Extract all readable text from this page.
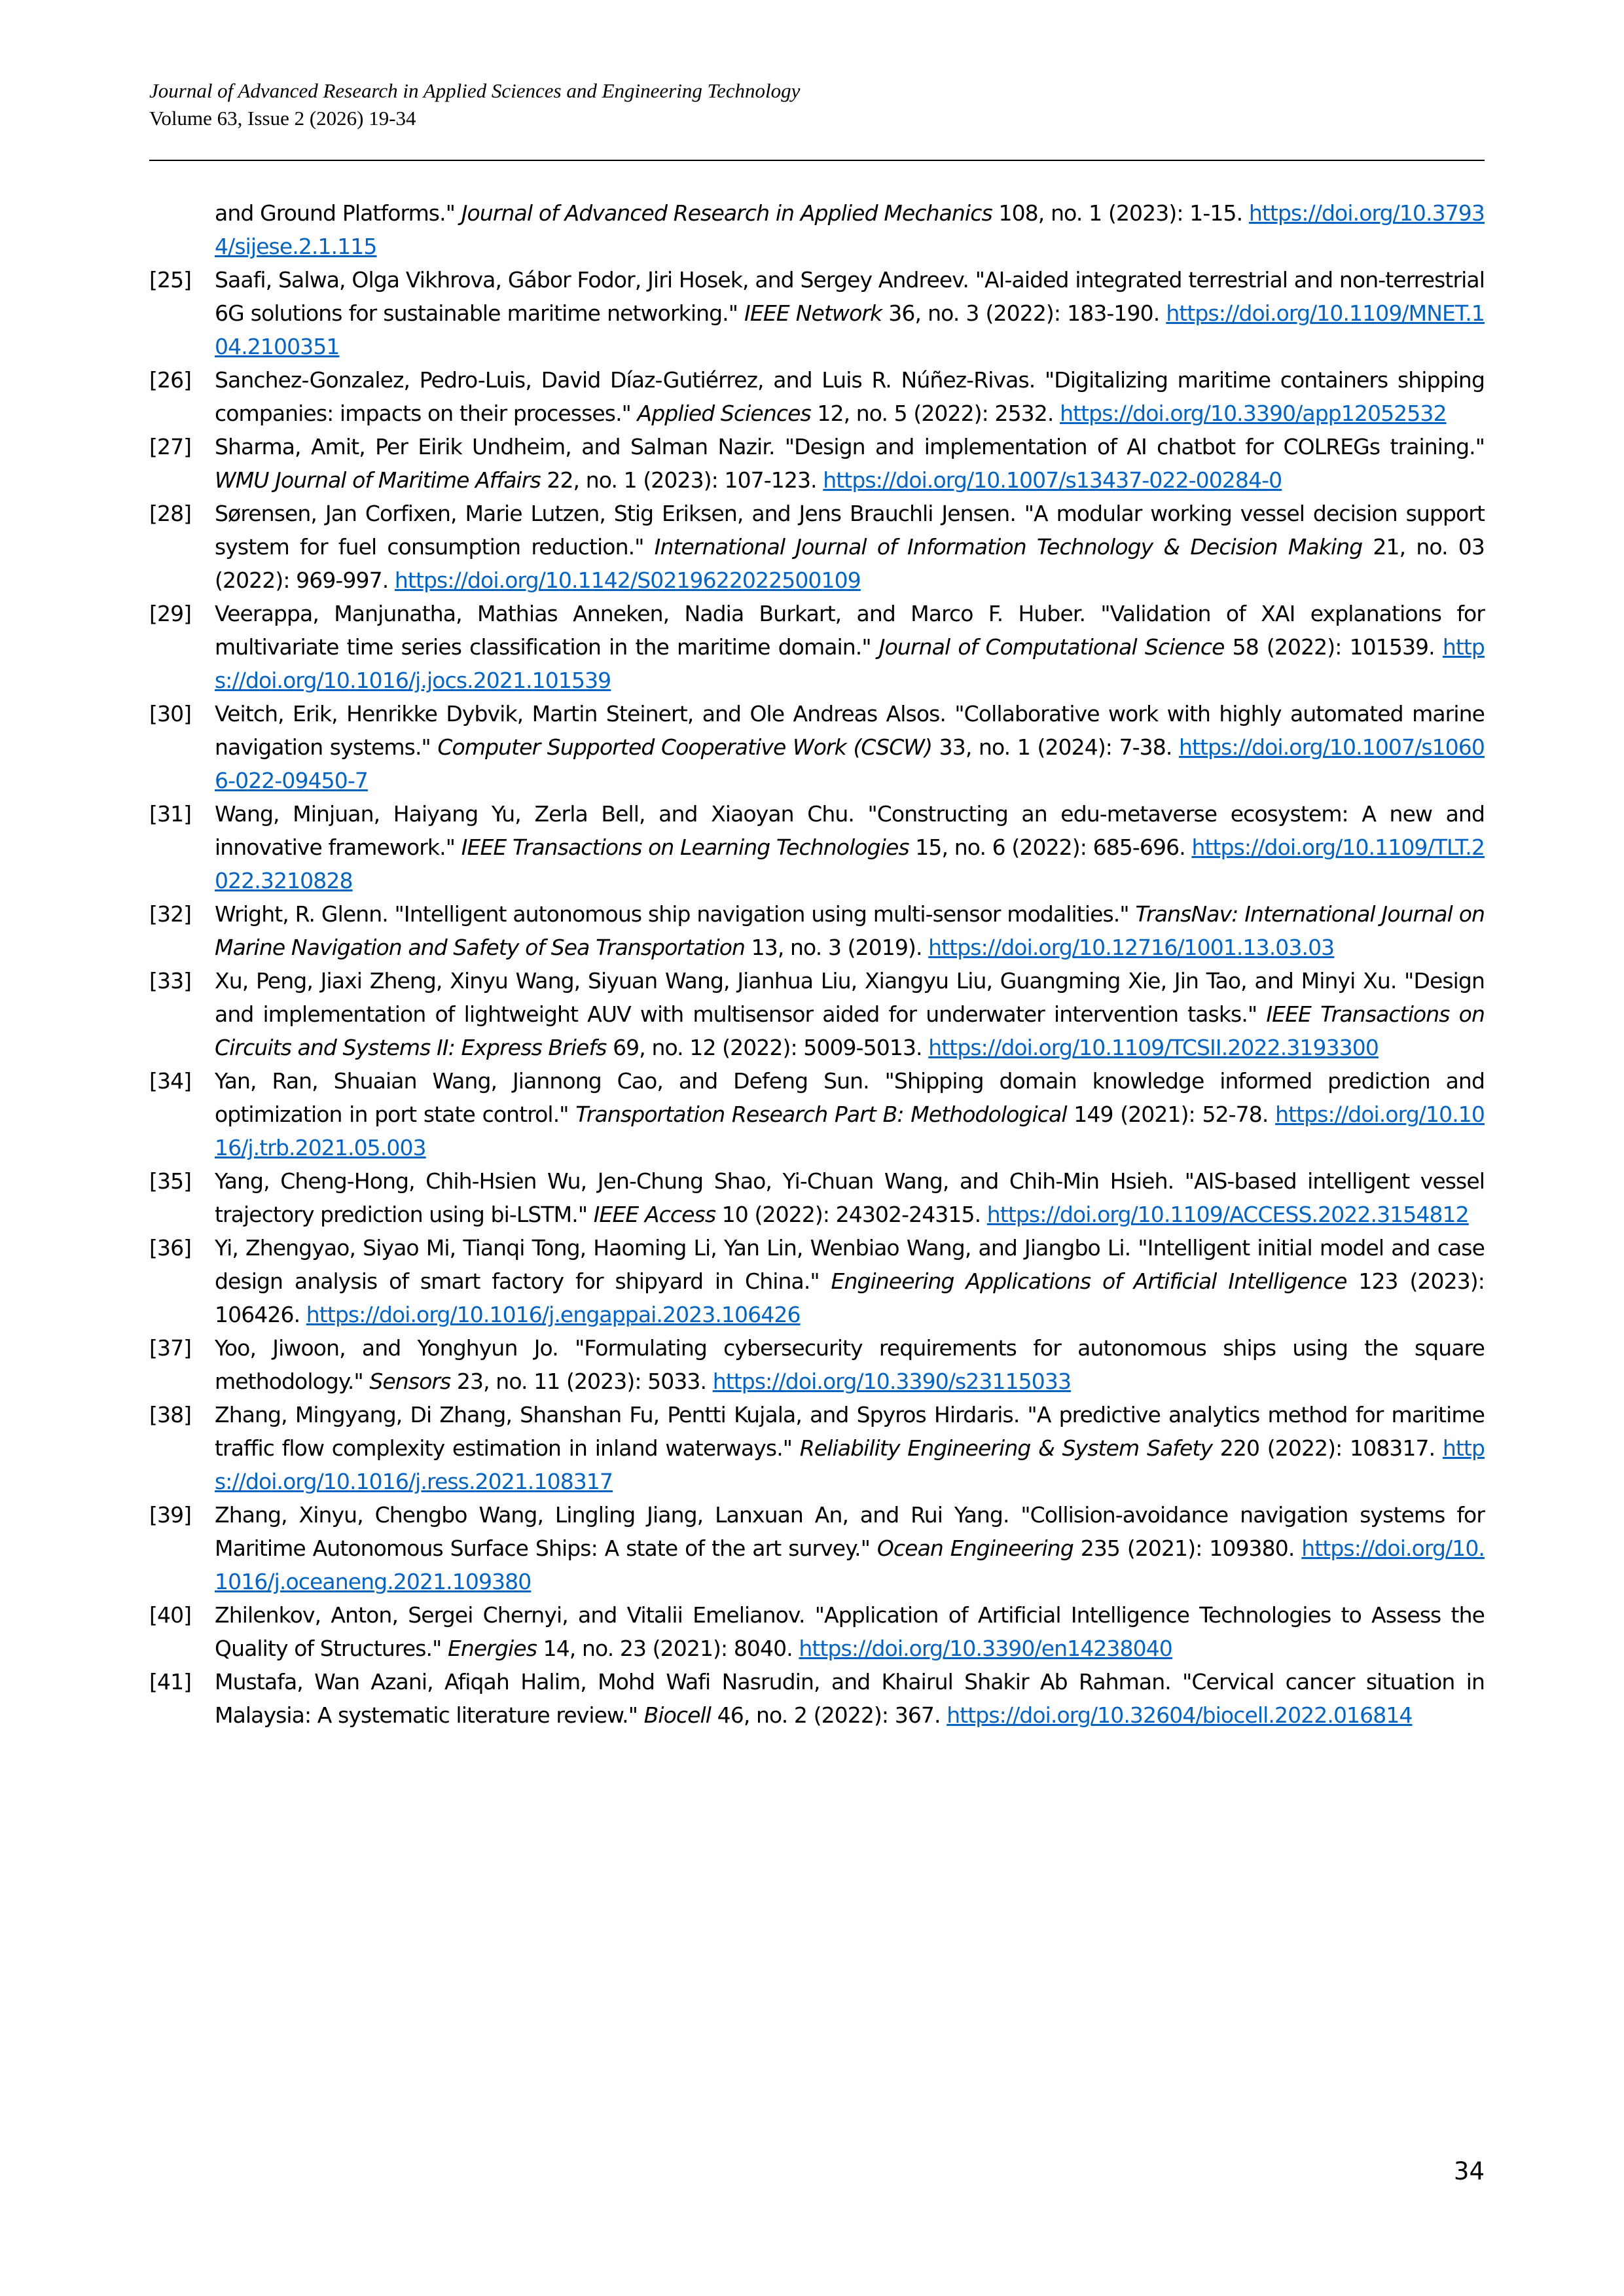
Journal of Advanced Research in Applied Sciences and Engineering Technology
Volume 63, Issue 2 (2026) 19-34
and Ground Platforms." Journal of Advanced Research in Applied Mechanics 108, no. 1 (2023): 1-15. https://doi.org/10.37934/sijese.2.1.115
[25] Saafi, Salwa, Olga Vikhrova, Gábor Fodor, Jiri Hosek, and Sergey Andreev. "AI-aided integrated terrestrial and non-terrestrial 6G solutions for sustainable maritime networking." IEEE Network 36, no. 3 (2022): 183-190. https://doi.org/10.1109/MNET.104.2100351
[26] Sanchez-Gonzalez, Pedro-Luis, David Díaz-Gutiérrez, and Luis R. Núñez-Rivas. "Digitalizing maritime containers shipping companies: impacts on their processes." Applied Sciences 12, no. 5 (2022): 2532. https://doi.org/10.3390/app12052532
[27] Sharma, Amit, Per Eirik Undheim, and Salman Nazir. "Design and implementation of AI chatbot for COLREGs training." WMU Journal of Maritime Affairs 22, no. 1 (2023): 107-123. https://doi.org/10.1007/s13437-022-00284-0
[28] Sørensen, Jan Corfixen, Marie Lutzen, Stig Eriksen, and Jens Brauchli Jensen. "A modular working vessel decision support system for fuel consumption reduction." International Journal of Information Technology & Decision Making 21, no. 03 (2022): 969-997. https://doi.org/10.1142/S0219622022500109
[29] Veerappa, Manjunatha, Mathias Anneken, Nadia Burkart, and Marco F. Huber. "Validation of XAI explanations for multivariate time series classification in the maritime domain." Journal of Computational Science 58 (2022): 101539. https://doi.org/10.1016/j.jocs.2021.101539
[30] Veitch, Erik, Henrikke Dybvik, Martin Steinert, and Ole Andreas Alsos. "Collaborative work with highly automated marine navigation systems." Computer Supported Cooperative Work (CSCW) 33, no. 1 (2024): 7-38. https://doi.org/10.1007/s10606-022-09450-7
[31] Wang, Minjuan, Haiyang Yu, Zerla Bell, and Xiaoyan Chu. "Constructing an edu-metaverse ecosystem: A new and innovative framework." IEEE Transactions on Learning Technologies 15, no. 6 (2022): 685-696. https://doi.org/10.1109/TLT.2022.3210828
[32] Wright, R. Glenn. "Intelligent autonomous ship navigation using multi-sensor modalities." TransNav: International Journal on Marine Navigation and Safety of Sea Transportation 13, no. 3 (2019). https://doi.org/10.12716/1001.13.03.03
[33] Xu, Peng, Jiaxi Zheng, Xinyu Wang, Siyuan Wang, Jianhua Liu, Xiangyu Liu, Guangming Xie, Jin Tao, and Minyi Xu. "Design and implementation of lightweight AUV with multisensor aided for underwater intervention tasks." IEEE Transactions on Circuits and Systems II: Express Briefs 69, no. 12 (2022): 5009-5013. https://doi.org/10.1109/TCSII.2022.3193300
[34] Yan, Ran, Shuaian Wang, Jiannong Cao, and Defeng Sun. "Shipping domain knowledge informed prediction and optimization in port state control." Transportation Research Part B: Methodological 149 (2021): 52-78. https://doi.org/10.1016/j.trb.2021.05.003
[35] Yang, Cheng-Hong, Chih-Hsien Wu, Jen-Chung Shao, Yi-Chuan Wang, and Chih-Min Hsieh. "AIS-based intelligent vessel trajectory prediction using bi-LSTM." IEEE Access 10 (2022): 24302-24315. https://doi.org/10.1109/ACCESS.2022.3154812
[36] Yi, Zhengyao, Siyao Mi, Tianqi Tong, Haoming Li, Yan Lin, Wenbiao Wang, and Jiangbo Li. "Intelligent initial model and case design analysis of smart factory for shipyard in China." Engineering Applications of Artificial Intelligence 123 (2023): 106426. https://doi.org/10.1016/j.engappai.2023.106426
[37] Yoo, Jiwoon, and Yonghyun Jo. "Formulating cybersecurity requirements for autonomous ships using the square methodology." Sensors 23, no. 11 (2023): 5033. https://doi.org/10.3390/s23115033
[38] Zhang, Mingyang, Di Zhang, Shanshan Fu, Pentti Kujala, and Spyros Hirdaris. "A predictive analytics method for maritime traffic flow complexity estimation in inland waterways." Reliability Engineering & System Safety 220 (2022): 108317. https://doi.org/10.1016/j.ress.2021.108317
[39] Zhang, Xinyu, Chengbo Wang, Lingling Jiang, Lanxuan An, and Rui Yang. "Collision-avoidance navigation systems for Maritime Autonomous Surface Ships: A state of the art survey." Ocean Engineering 235 (2021): 109380. https://doi.org/10.1016/j.oceaneng.2021.109380
[40] Zhilenkov, Anton, Sergei Chernyi, and Vitalii Emelianov. "Application of Artificial Intelligence Technologies to Assess the Quality of Structures." Energies 14, no. 23 (2021): 8040. https://doi.org/10.3390/en14238040
[41] Mustafa, Wan Azani, Afiqah Halim, Mohd Wafi Nasrudin, and Khairul Shakir Ab Rahman. "Cervical cancer situation in Malaysia: A systematic literature review." Biocell 46, no. 2 (2022): 367. https://doi.org/10.32604/biocell.2022.016814
34
